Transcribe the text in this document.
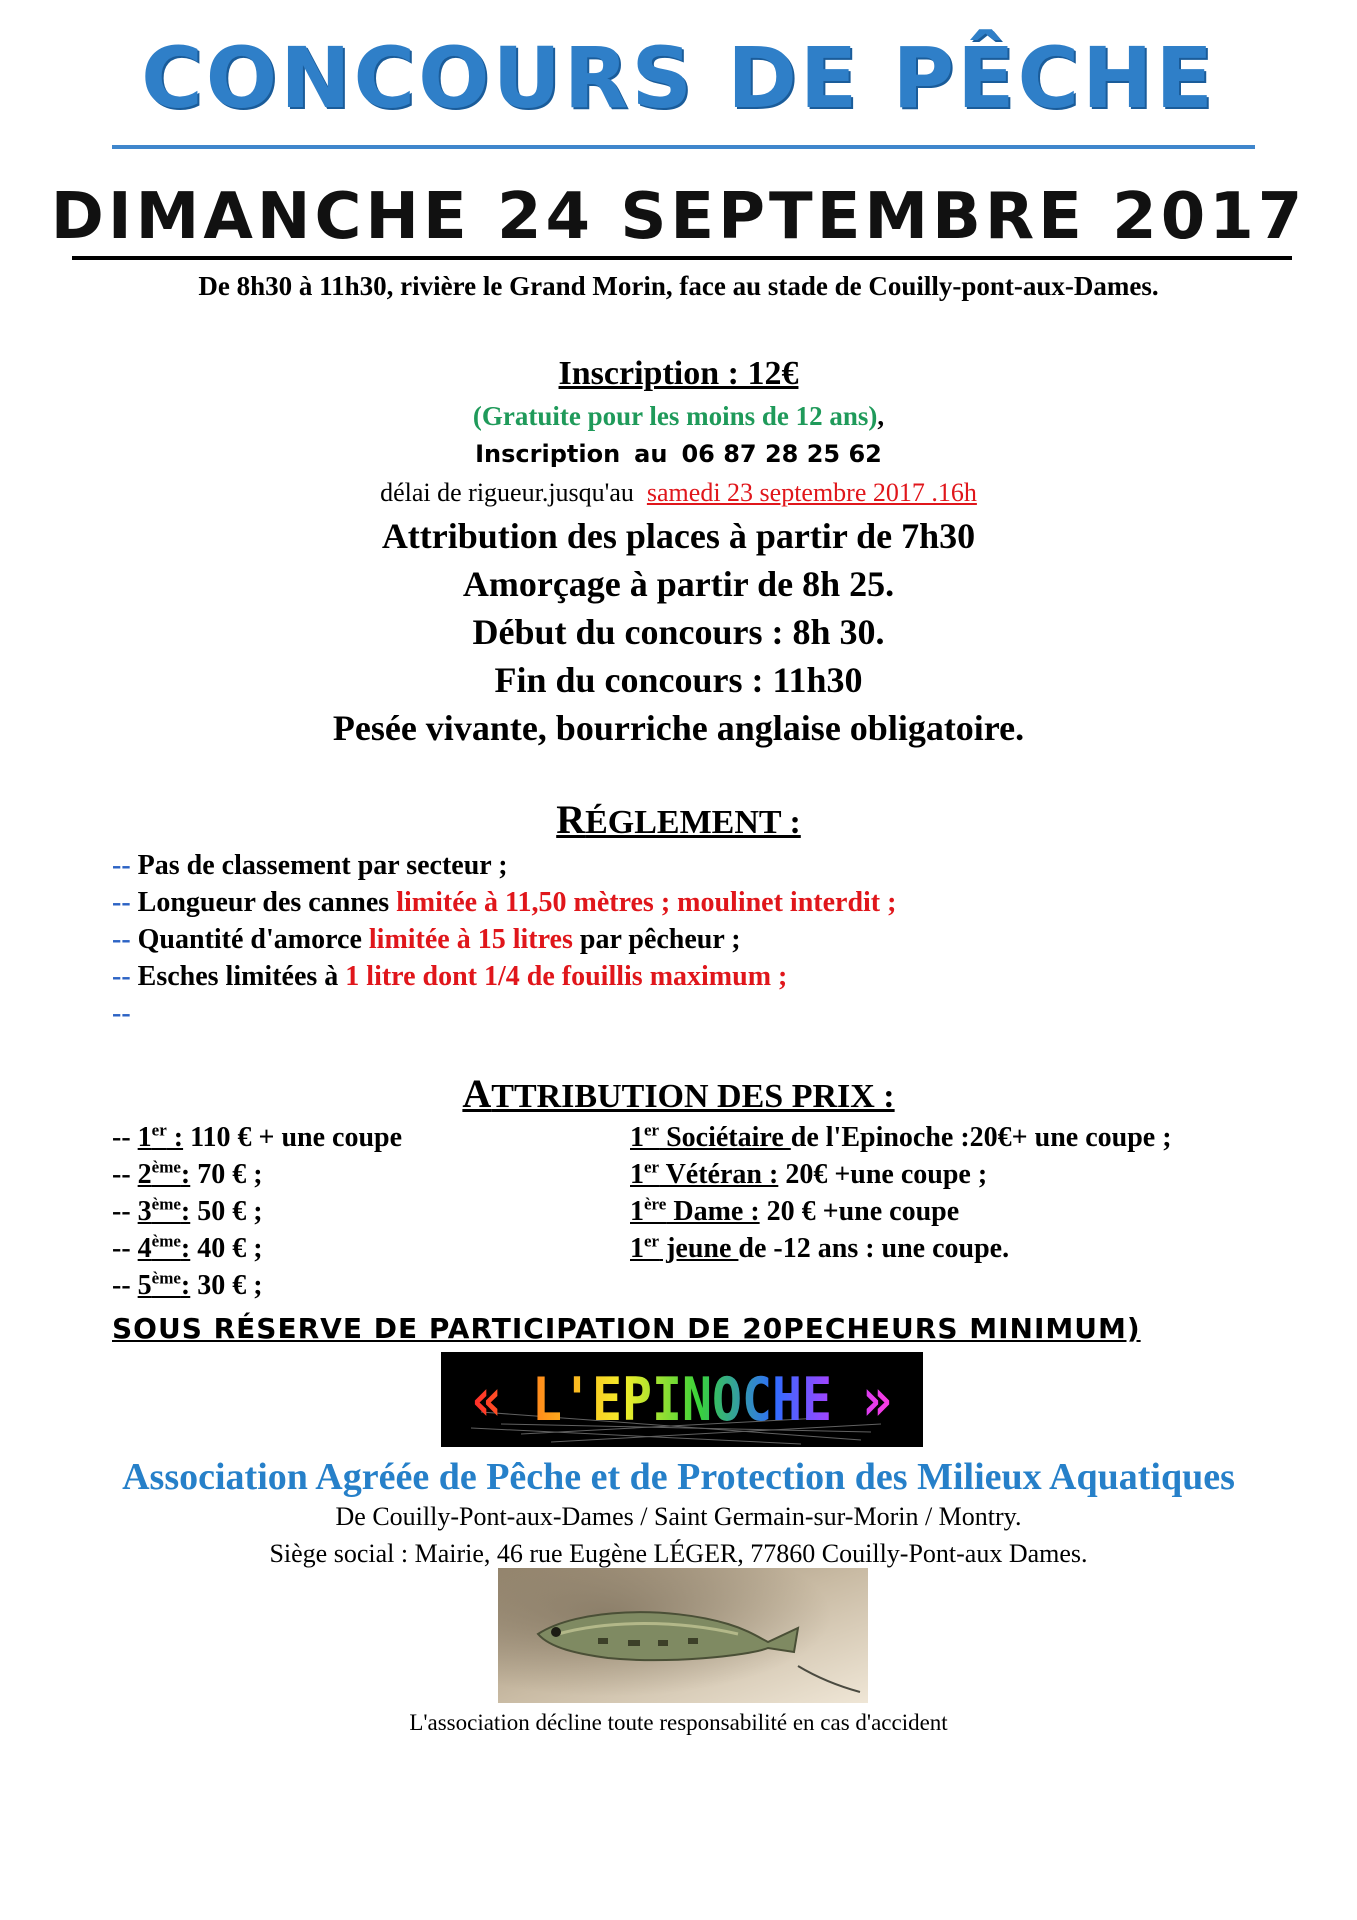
CONCOURS DE PÊCHE
DIMANCHE 24 SEPTEMBRE 2017
De 8h30 à 11h30, rivière le Grand Morin, face au stade de Couilly-pont-aux-Dames.
Inscription : 12€
(Gratuite pour les moins de 12 ans),
Inscription au 06 87 28 25 62
délai de rigueur.jusqu'au samedi 23 septembre 2017 .16h
Attribution des places à partir de 7h30
Amorçage à partir de 8h 25.
Début du concours : 8h 30.
Fin du concours : 11h30
Pesée vivante, bourriche anglaise obligatoire.
RÉGLEMENT :
-- Pas de classement par secteur ;
-- Longueur des cannes limitée à 11,50 mètres ; moulinet interdit ;
-- Quantité d'amorce limitée à 15 litres par pêcheur ;
-- Esches limitées à 1 litre dont 1/4 de fouillis maximum ;
--
ATTRIBUTION DES PRIX :
-- 1er : 110 € + une coupe
-- 2ème: 70 € ;
-- 3ème: 50 € ;
-- 4ème: 40 € ;
-- 5ème: 30 € ;
1er Sociétaire de l'Epinoche :20€+ une coupe ;
1er Vétéran : 20€ +une coupe ;
1ère Dame : 20 € +une coupe
1er jeune de -12 ans : une coupe.
SOUS RÉSERVE DE PARTICIPATION DE 20PECHEURS MINIMUM)
« L'EPINOCHE »
Association Agréée de Pêche et de Protection des Milieux Aquatiques
De Couilly-Pont-aux-Dames / Saint Germain-sur-Morin / Montry.
Siège social : Mairie, 46 rue Eugène LÉGER, 77860 Couilly-Pont-aux Dames.
L'association décline toute responsabilité en cas d'accident
